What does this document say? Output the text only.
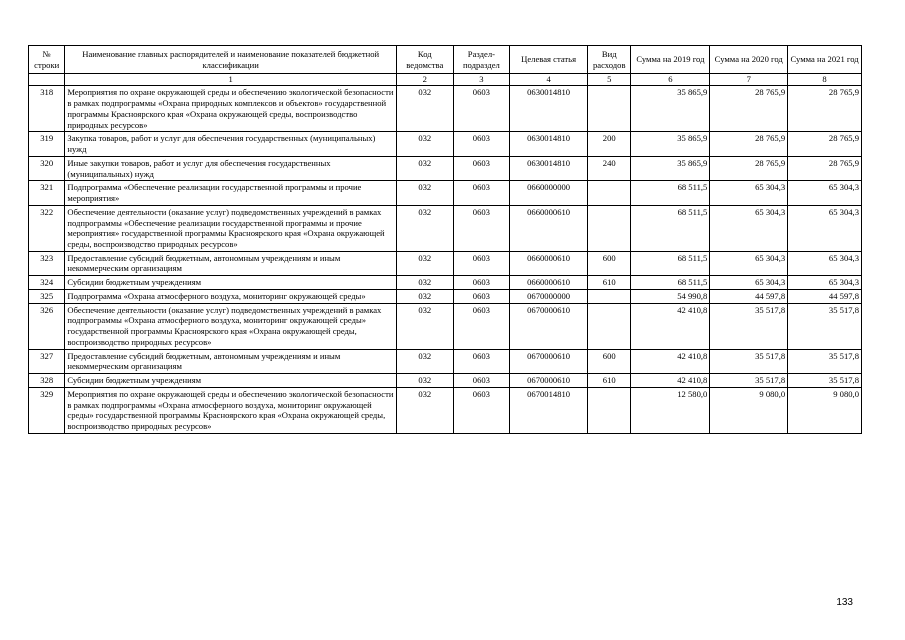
№ строки	Наименование главных распорядителей и наименование показателей бюджетной классификации	Код ведомства	Раздел-подраздел	Целевая статья	Вид расходов	Сумма на 2019 год	Сумма на 2020 год	Сумма на 2021 год
	1	2	3	4	5	6	7	8
318	Мероприятия по охране окружающей среды и обеспечению экологической безопасности в рамках подпрограммы «Охрана природных комплексов и объектов» государственной программы Красноярского края «Охрана окружающей среды, воспроизводство природных ресурсов»	032	0603	0630014810		35 865,9	28 765,9	28 765,9
319	Закупка товаров, работ и услуг для обеспечения государственных (муниципальных) нужд	032	0603	0630014810	200	35 865,9	28 765,9	28 765,9
320	Иные закупки товаров, работ и услуг для обеспечения государственных (муниципальных) нужд	032	0603	0630014810	240	35 865,9	28 765,9	28 765,9
321	Подпрограмма «Обеспечение реализации государственной программы и прочие мероприятия»	032	0603	0660000000		68 511,5	65 304,3	65 304,3
322	Обеспечение деятельности (оказание услуг) подведомственных учреждений в рамках подпрограммы «Обеспечение реализации государственной программы и прочие мероприятия» государственной программы Красноярского края «Охрана окружающей среды, воспроизводство природных ресурсов»	032	0603	0660000610		68 511,5	65 304,3	65 304,3
323	Предоставление субсидий бюджетным, автономным учреждениям и иным некоммерческим организациям	032	0603	0660000610	600	68 511,5	65 304,3	65 304,3
324	Субсидии бюджетным учреждениям	032	0603	0660000610	610	68 511,5	65 304,3	65 304,3
325	Подпрограмма «Охрана атмосферного воздуха, мониторинг окружающей среды»	032	0603	0670000000		54 990,8	44 597,8	44 597,8
326	Обеспечение деятельности (оказание услуг) подведомственных учреждений в рамках подпрограммы «Охрана атмосферного воздуха, мониторинг окружающей среды» государственной программы Красноярского края «Охрана окружающей среды, воспроизводство природных ресурсов»	032	0603	0670000610		42 410,8	35 517,8	35 517,8
327	Предоставление субсидий бюджетным, автономным учреждениям и иным некоммерческим организациям	032	0603	0670000610	600	42 410,8	35 517,8	35 517,8
328	Субсидии бюджетным учреждениям	032	0603	0670000610	610	42 410,8	35 517,8	35 517,8
329	Мероприятия по охране окружающей среды и обеспечению экологической безопасности в рамках подпрограммы «Охрана атмосферного воздуха, мониторинг окружающей среды» государственной программы Красноярского края «Охрана окружающей среды, воспроизводство природных ресурсов»	032	0603	0670014810		12 580,0	9 080,0	9 080,0
133
